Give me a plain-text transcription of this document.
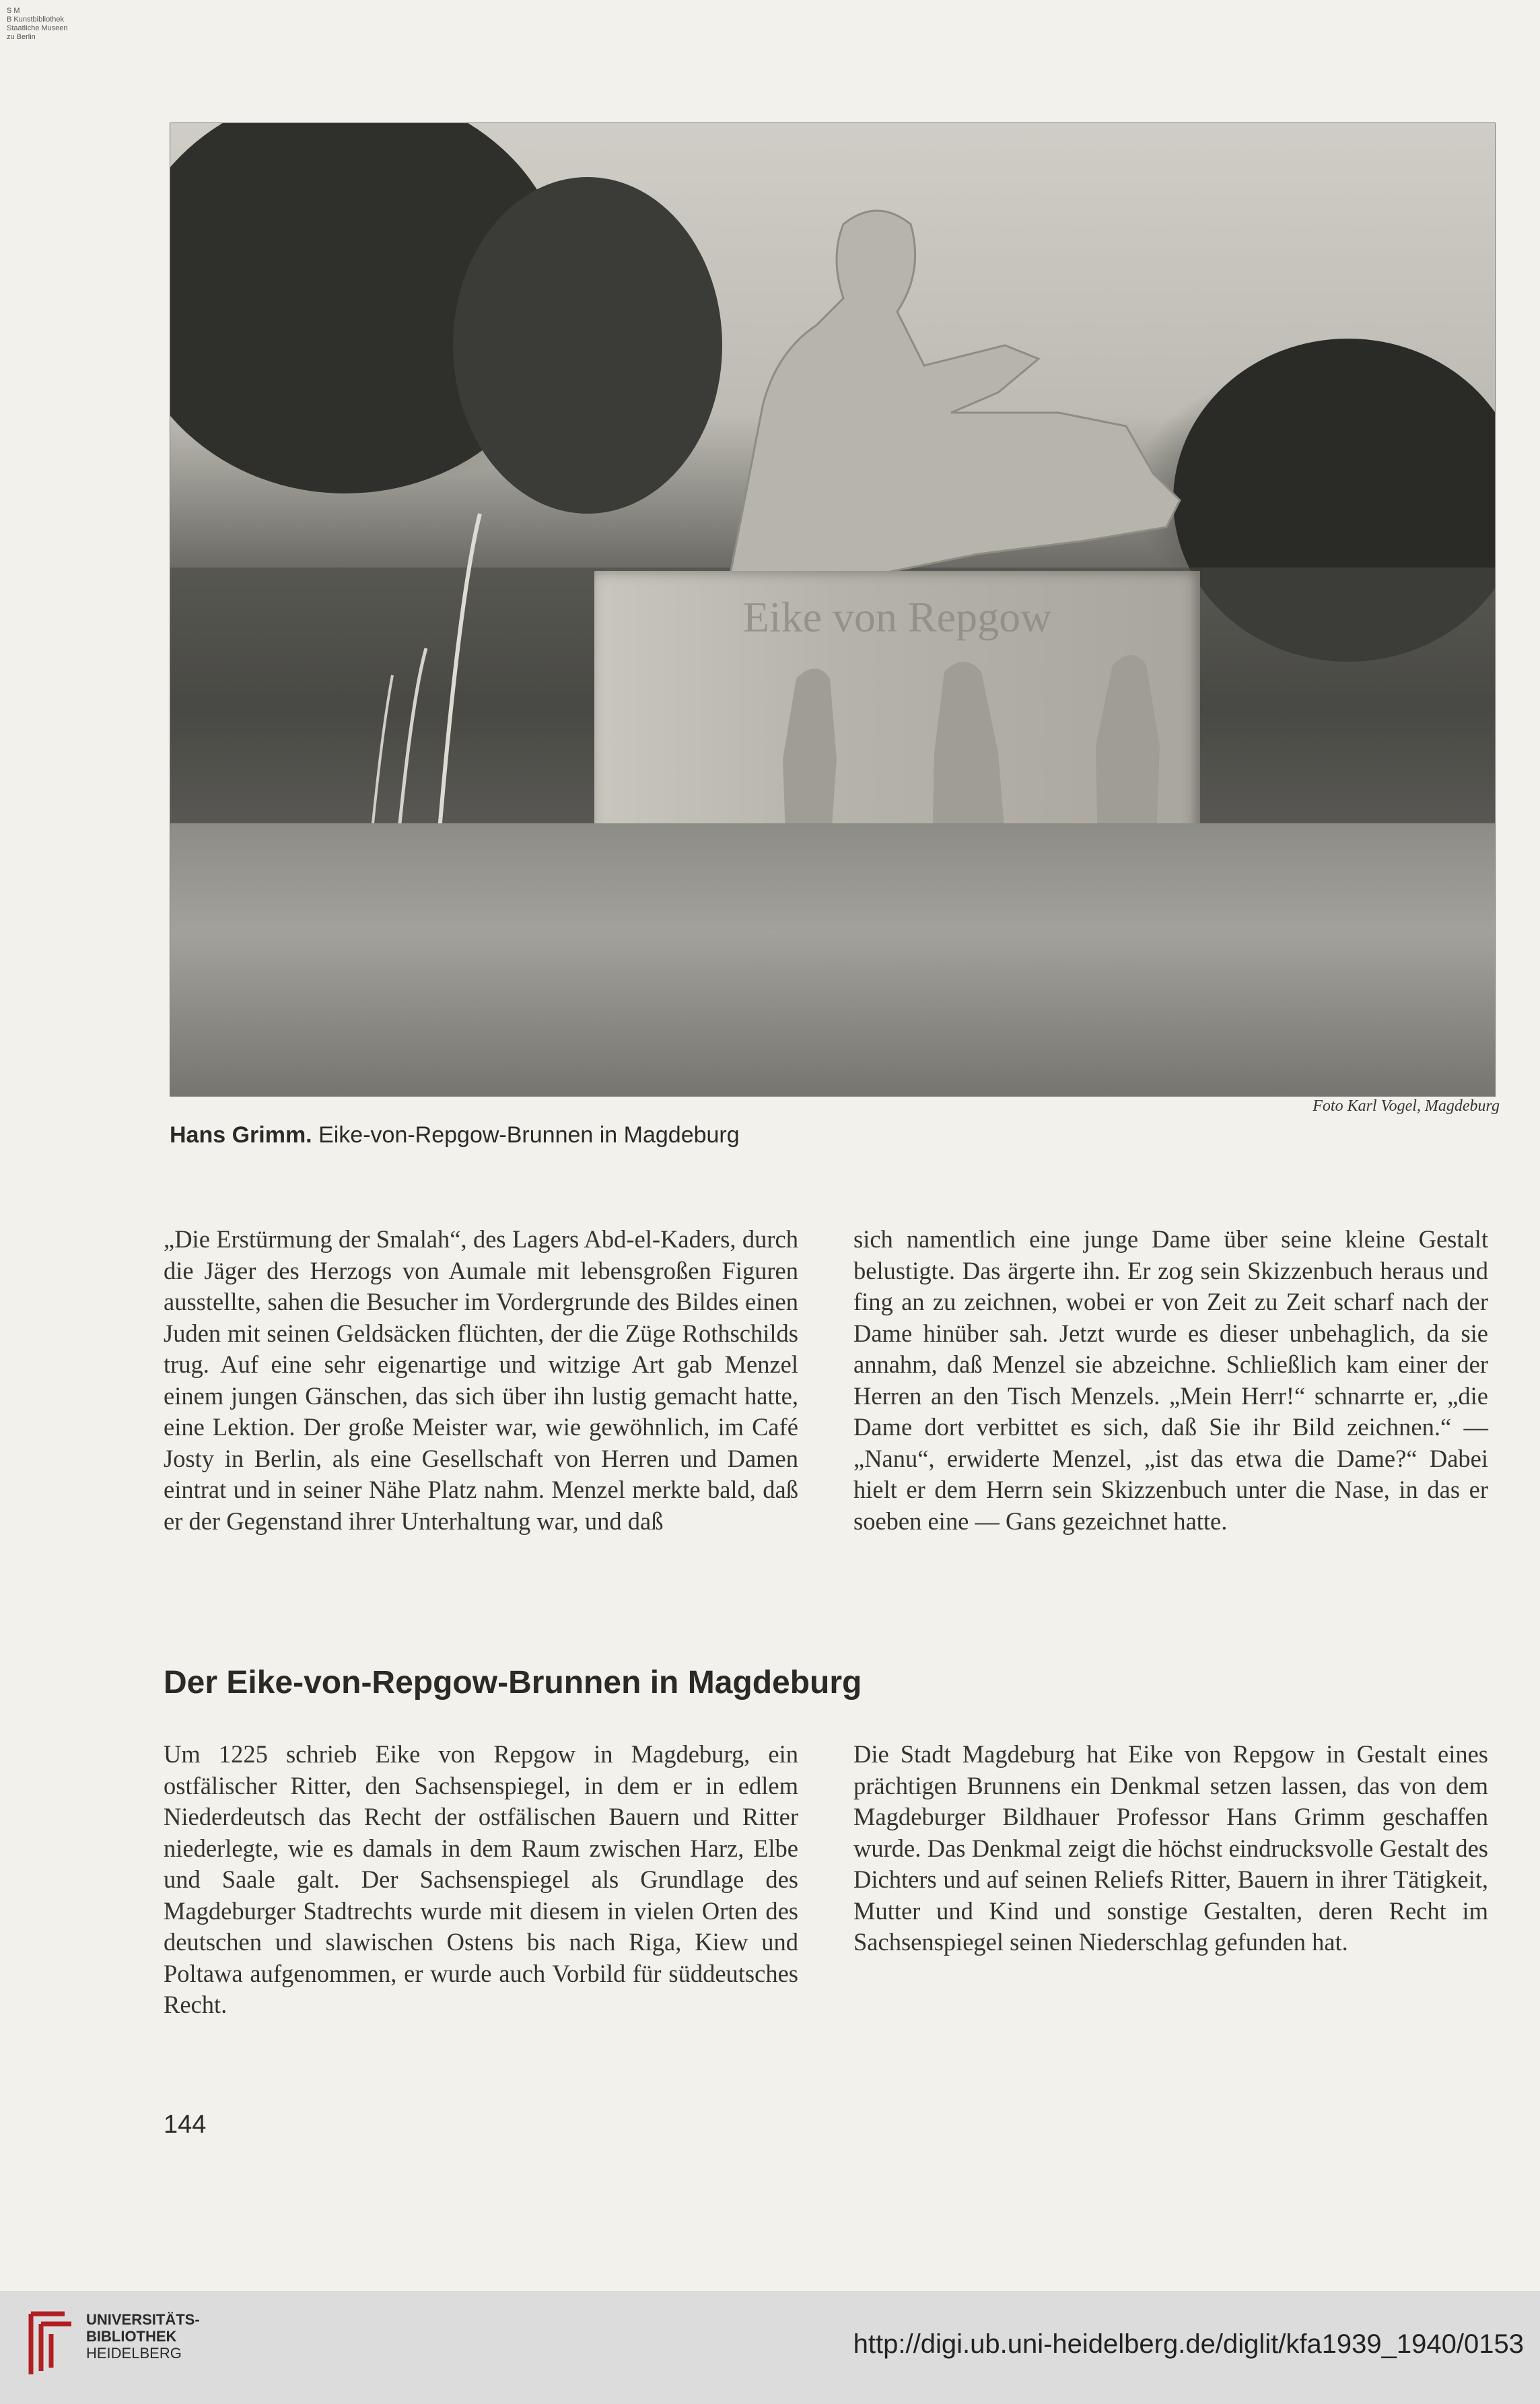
S M
B Kunstbibliothek
Staatliche Museen
zu Berlin
Eike von Repgow
Foto Karl Vogel, Magdeburg
Hans Grimm. Eike-von-Repgow-Brunnen in Magdeburg
„Die Erstürmung der Smalah“, des Lagers Abd-el-Kaders, durch die Jäger des Herzogs von Aumale mit lebensgroßen Figuren ausstellte, sahen die Besucher im Vordergrunde des Bildes einen Juden mit seinen Geldsäcken flüchten, der die Züge Rothschilds trug. Auf eine sehr eigenartige und witzige Art gab Menzel einem jungen Gänschen, das sich über ihn lustig gemacht hatte, eine Lektion. Der große Meister war, wie gewöhnlich, im Café Josty in Berlin, als eine Gesellschaft von Herren und Damen eintrat und in seiner Nähe Platz nahm. Menzel merkte bald, daß er der Gegenstand ihrer Unterhaltung war, und daß
sich namentlich eine junge Dame über seine kleine Gestalt belustigte. Das ärgerte ihn. Er zog sein Skizzenbuch heraus und fing an zu zeichnen, wobei er von Zeit zu Zeit scharf nach der Dame hinüber sah. Jetzt wurde es dieser unbehaglich, da sie annahm, daß Menzel sie abzeichne. Schließlich kam einer der Herren an den Tisch Menzels. „Mein Herr!“ schnarrte er, „die Dame dort verbittet es sich, daß Sie ihr Bild zeichnen.“ — „Nanu“, erwiderte Menzel, „ist das etwa die Dame?“ Dabei hielt er dem Herrn sein Skizzenbuch unter die Nase, in das er soeben eine — Gans gezeichnet hatte.
Der Eike-von-Repgow-Brunnen in Magdeburg
Um 1225 schrieb Eike von Repgow in Magdeburg, ein ostfälischer Ritter, den Sachsenspiegel, in dem er in edlem Niederdeutsch das Recht der ostfälischen Bauern und Ritter niederlegte, wie es damals in dem Raum zwischen Harz, Elbe und Saale galt. Der Sachsenspiegel als Grundlage des Magdeburger Stadtrechts wurde mit diesem in vielen Orten des deutschen und slawischen Ostens bis nach Riga, Kiew und Poltawa aufgenommen, er wurde auch Vorbild für süddeutsches Recht.
Die Stadt Magdeburg hat Eike von Repgow in Gestalt eines prächtigen Brunnens ein Denkmal setzen lassen, das von dem Magdeburger Bildhauer Professor Hans Grimm geschaffen wurde. Das Denkmal zeigt die höchst eindrucksvolle Gestalt des Dichters und auf seinen Reliefs Ritter, Bauern in ihrer Tätigkeit, Mutter und Kind und sonstige Gestalten, deren Recht im Sachsenspiegel seinen Niederschlag gefunden hat.
144
UNIVERSITÄTS-
BIBLIOTHEK
HEIDELBERG	http://digi.ub.uni-heidelberg.de/diglit/kfa1939_1940/0153
